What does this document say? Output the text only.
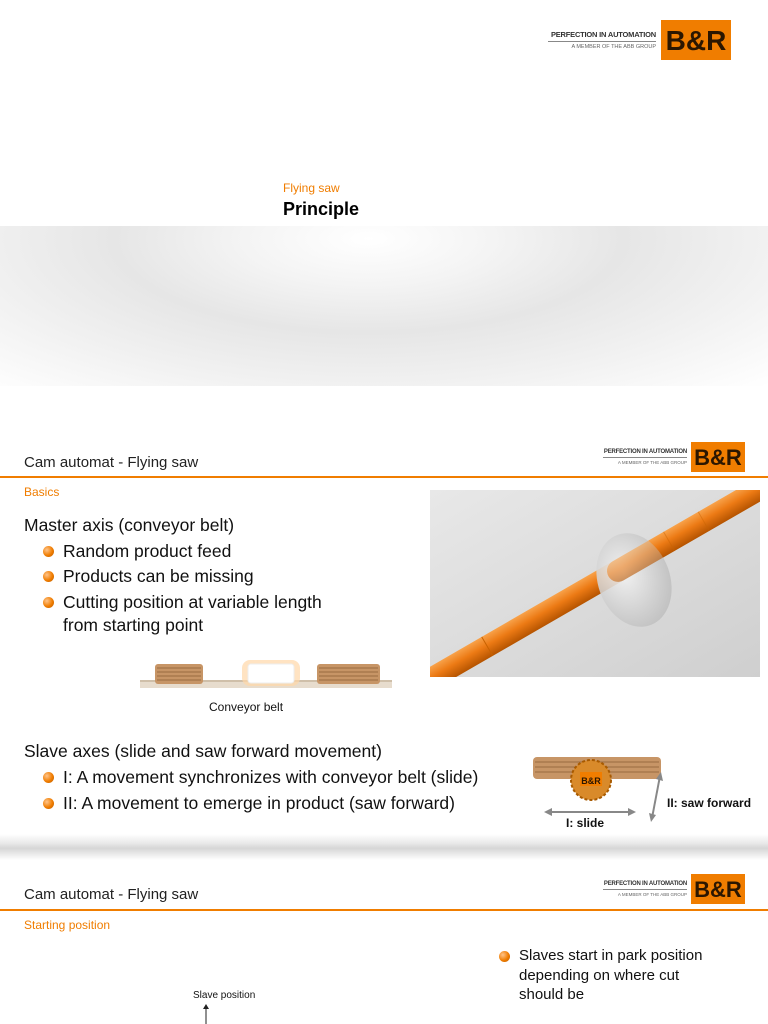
PERFECTION IN AUTOMATION
A MEMBER OF THE ABB GROUP B&R
Flying saw
Principle
Cam automat - Flying saw
PERFECTION IN AUTOMATION
A MEMBER OF THE ABB GROUP B&R
Basics
Master axis (conveyor belt)
Random product feed
Products can be missing
Cutting position at variable length
from starting point
Conveyor belt
Slave axes (slide and saw forward movement)
I: A movement synchronizes with conveyor belt (slide)
II: A movement to emerge in product (saw forward)
B&R
I: slide
II: saw forward
Cam automat - Flying saw
PERFECTION IN AUTOMATION
A MEMBER OF THE ABB GROUP B&R
Starting position
Slaves start in park position
depending on where cut
should be
Slave position
